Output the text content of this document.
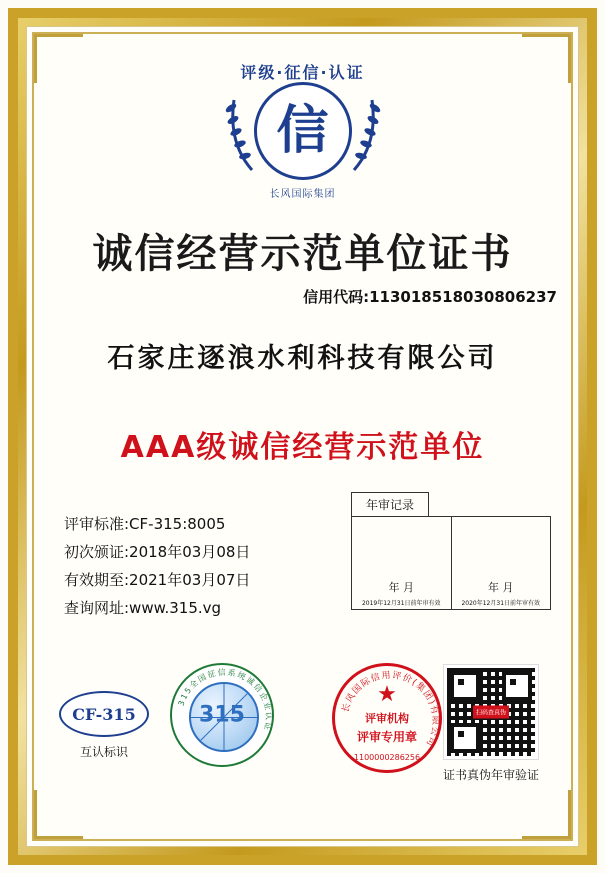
评级·征信·认证
信
长风国际集团
诚信经营示范单位证书
信用代码:113018518030806237
石家庄逐浪水利科技有限公司
AAA级诚信经营示范单位
评审标准:CF-315:8005
初次颁证:2018年03月08日
有效期至:2021年03月07日
查询网址:www.315.vg
年审记录
年 月
2019年12月31日前年审有效
年 月
2020年12月31日前年审有效
CF-315
互认标识
315全国征信系统诚信企业认证
315	长风国际信用评价(集团)有限公司
★
评审机构
评审专用章
1100000286256
扫码查真伪
证书真伪年审验证
